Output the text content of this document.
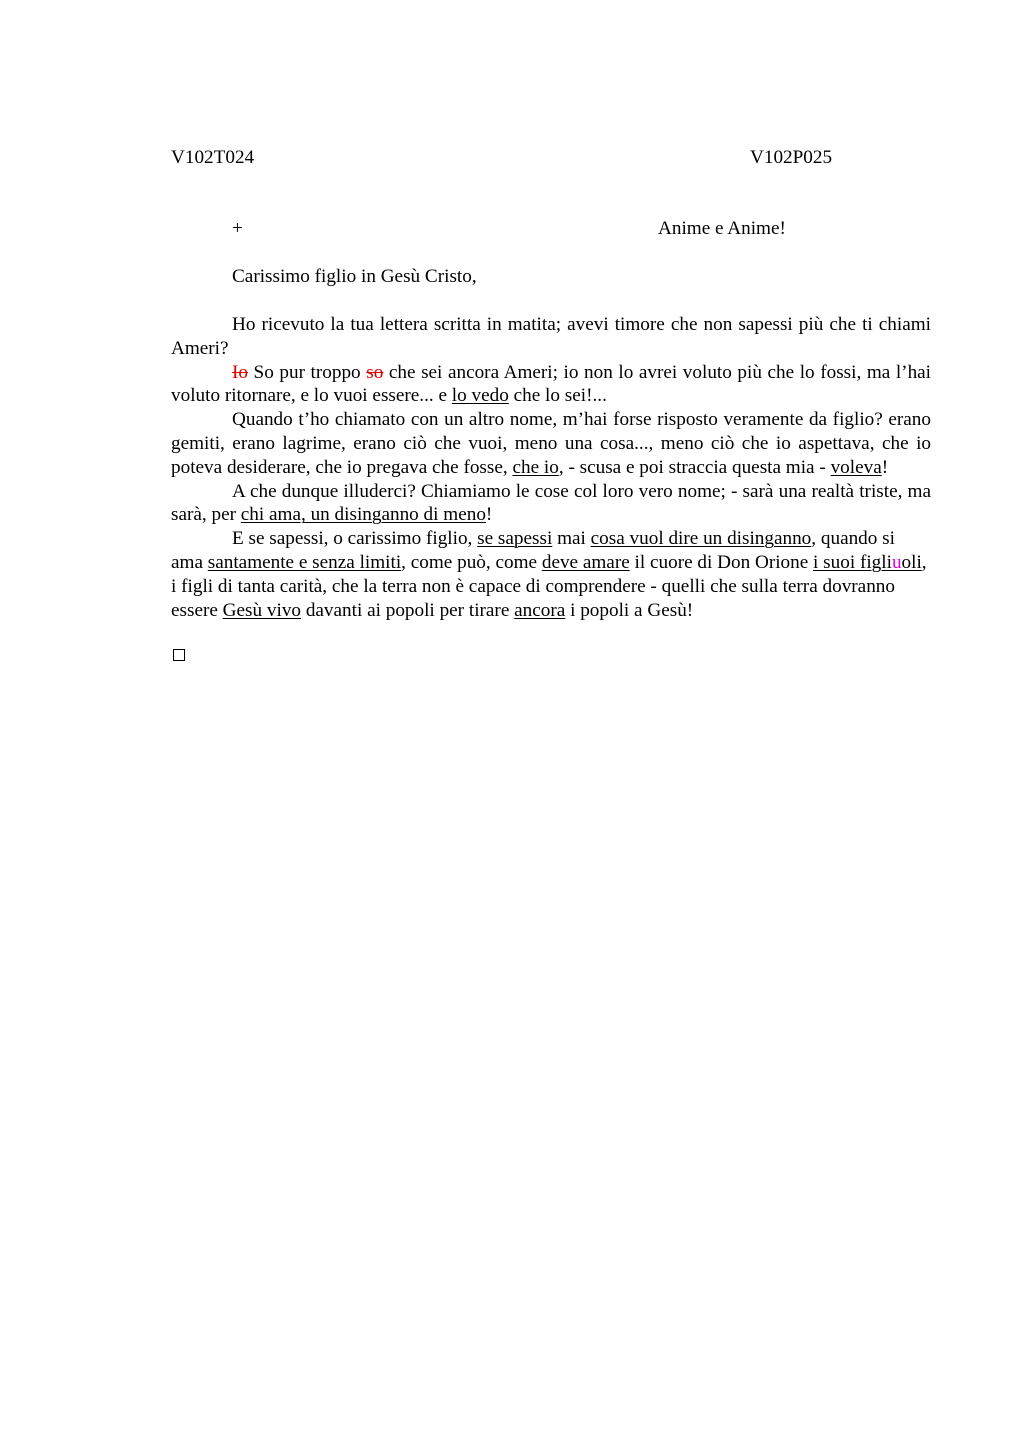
V102T024	V102P025
+	Anime e Anime!
Carissimo figlio in Gesù Cristo,

Ho ricevuto la tua lettera scritta in matita; avevi timore che non sapessi più che ti chiami Ameri?

Io So pur troppo so che sei ancora Ameri; io non lo avrei voluto più che lo fossi, ma l’hai voluto ritornare, e lo vuoi essere... e lo vedo che lo sei!...

Quando t’ho chiamato con un altro nome, m’hai forse risposto veramente da figlio? erano gemiti, erano lagrime, erano ciò che vuoi, meno una cosa..., meno ciò che io aspettava, che io poteva desiderare, che io pregava che fosse, che io, - scusa e poi straccia questa mia - voleva!

A che dunque illuderci? Chiamiamo le cose col loro vero nome; - sarà una realtà triste, ma sarà, per chi ama, un disinganno di meno!

E se sapessi, o carissimo figlio, se sapessi mai cosa vuol dire un disinganno, quando si ama santamente e senza limiti, come può, come deve amare il cuore di Don Orione i suoi figliuoli, i figli di tanta carità, che la terra non è capace di comprendere - quelli che sulla terra dovranno essere Gesù vivo davanti ai popoli per tirare ancora i popoli a Gesù!
